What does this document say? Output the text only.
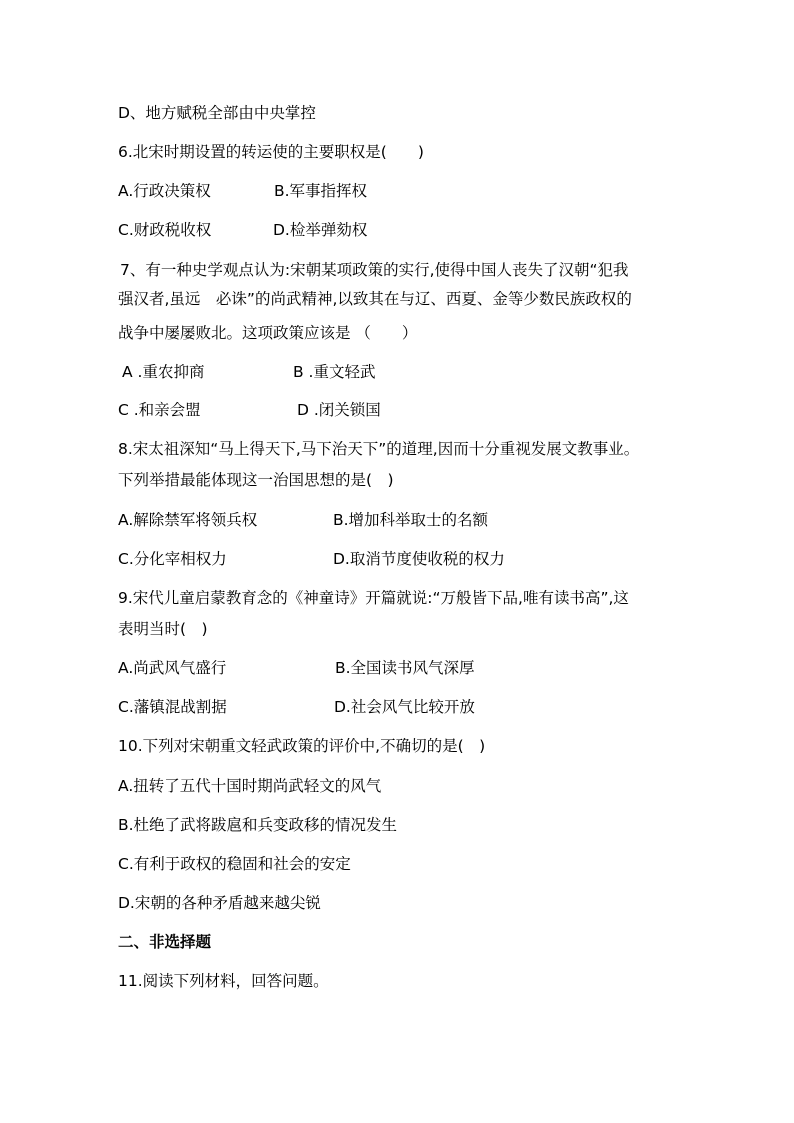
D、地方赋税全部由中央掌控
6.北宋时期设置的转运使的主要职权是(　　)
A.行政决策权	B.军事指挥权
C.财政税收权	D.检举弹劾权
7、有一种史学观点认为:宋朝某项政策的实行,使得中国人丧失了汉朝“犯我
强汉者,虽远　必诛”的尚武精神,以致其在与辽、西夏、金等少数民族政权的
战争中屡屡败北。这项政策应该是 （　　）
A .重农抑商	B .重文轻武
C .和亲会盟	D .闭关锁国
8.宋太祖深知“马上得天下,马下治天下”的道理,因而十分重视发展文教事业。
下列举措最能体现这一治国思想的是(　)
A.解除禁军将领兵权	B.增加科举取士的名额
C.分化宰相权力	D.取消节度使收税的权力
9.宋代儿童启蒙教育念的《神童诗》开篇就说:“万般皆下品,唯有读书高”,这
表明当时(　)
A.尚武风气盛行	B.全国读书风气深厚
C.藩镇混战割据	D.社会风气比较开放
10.下列对宋朝重文轻武政策的评价中,不确切的是(　)
A.扭转了五代十国时期尚武轻文的风气
B.杜绝了武将跋扈和兵变政移的情况发生
C.有利于政权的稳固和社会的安定
D.宋朝的各种矛盾越来越尖锐
二、非选择题
11.阅读下列材料，回答问题。
